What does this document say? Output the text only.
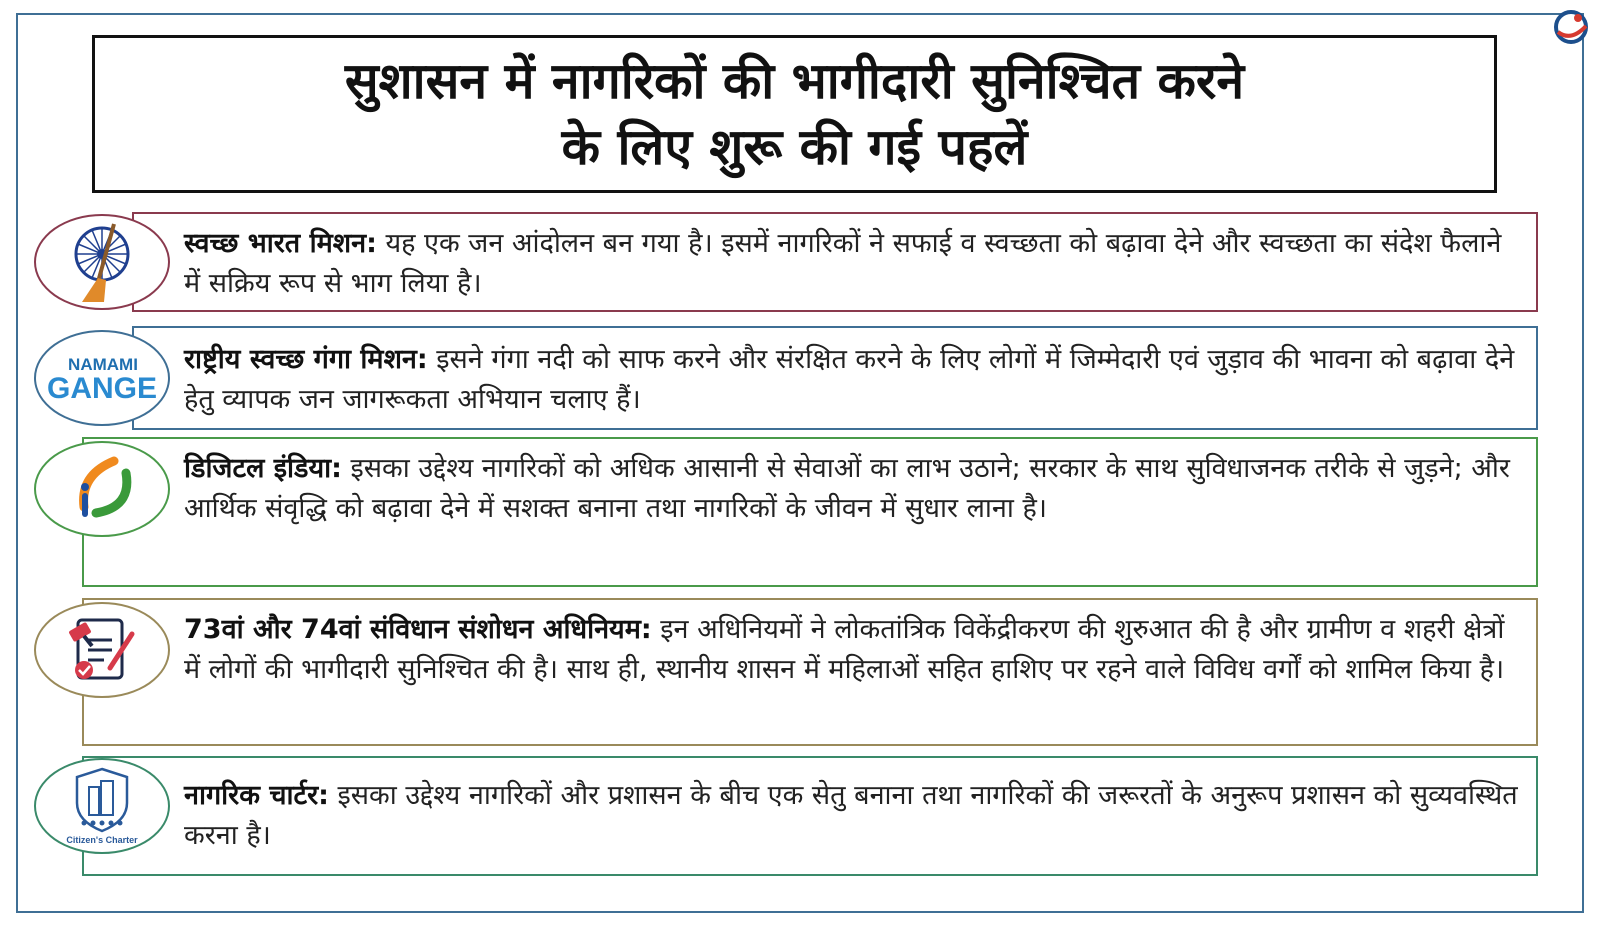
सुशासन में नागरिकों की भागीदारी सुनिश्चित करने
के लिए शुरू की गई पहलें
स्वच्छ भारत मिशन: यह एक जन आंदोलन बन गया है। इसमें नागरिकों ने सफाई व स्वच्छता को बढ़ावा देने और स्वच्छता का संदेश फैलाने में सक्रिय रूप से भाग लिया है।
NAMAMI
GANGE
राष्ट्रीय स्वच्छ गंगा मिशन: इसने गंगा नदी को साफ करने और संरक्षित करने के लिए लोगों में जिम्मेदारी एवं जुड़ाव की भावना को बढ़ावा देने हेतु व्यापक जन जागरूकता अभियान चलाए हैं।
डिजिटल इंडिया: इसका उद्देश्य नागरिकों को अधिक आसानी से सेवाओं का लाभ उठाने; सरकार के साथ सुविधाजनक तरीके से जुड़ने; और आर्थिक संवृद्धि को बढ़ावा देने में सशक्त बनाना तथा नागरिकों के जीवन में सुधार लाना है।
73वां और 74वां संविधान संशोधन अधिनियम: इन अधिनियमों ने लोकतांत्रिक विकेंद्रीकरण की शुरुआत की है और ग्रामीण व शहरी क्षेत्रों में लोगों की भागीदारी सुनिश्चित की है। साथ ही, स्थानीय शासन में महिलाओं सहित हाशिए पर रहने वाले विविध वर्गों को शामिल किया है।
Citizen's Charter
नागरिक चार्टर: इसका उद्देश्य नागरिकों और प्रशासन के बीच एक सेतु बनाना तथा नागरिकों की जरूरतों के अनुरूप प्रशासन को सुव्यवस्थित करना है।
